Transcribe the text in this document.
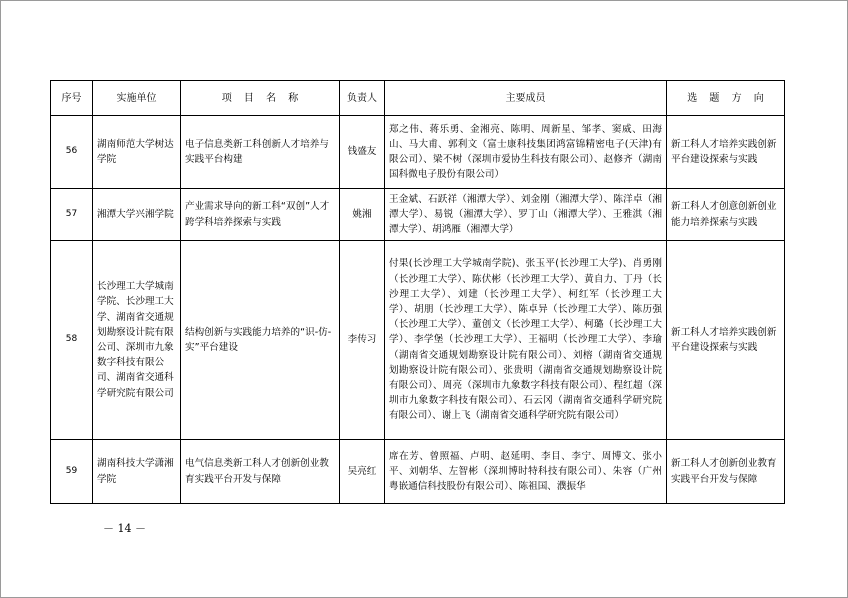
序号	实施单位	项 目 名 称	负责人	主要成员	选 题 方 向
56	湖南师范大学树达学院	电子信息类新工科创新人才培养与实践平台构建	钱盛友	郑之伟、蒋乐勇、金湘亮、陈明、周新星、邹孝、窦威、田海山、马大甫、郭利文（富士康科技集团鸿富锦精密电子(天津)有限公司）、梁不树（深圳市爱协生科技有限公司）、赵修齐（湖南国科微电子股份有限公司）	新工科人才培养实践创新平台建设探索与实践
57	湘潭大学兴湘学院	产业需求导向的新工科“双创”人才跨学科培养探索与实践	姚湘	王金斌、石跃祥（湘潭大学）、刘金刚（湘潭大学）、陈洋卓（湘潭大学）、易锐（湘潭大学）、罗丁山（湘潭大学）、王雅淇（湘潭大学）、胡鸿雁（湘潭大学）	新工科人才创意创新创业能力培养探索与实践
58	长沙理工大学城南学院、长沙理工大学、湖南省交通规划勘察设计院有限公司、深圳市九象数字科技有限公司、湖南省交通科学研究院有限公司	结构创新与实践能力培养的“识-仿-实”平台建设	李传习	付果(长沙理工大学城南学院)、张玉平(长沙理工大学)、肖勇刚（长沙理工大学）、陈伏彬（长沙理工大学）、黄自力、丁丹（长沙理工大学）、刘建（长沙理工大学）、柯红军（长沙理工大学）、胡朋（长沙理工大学）、陈卓异（长沙理工大学）、陈历强（长沙理工大学）、董创文（长沙理工大学）、柯璐（长沙理工大学）、李学堡（长沙理工大学）、王福明（长沙理工大学）、李瑜（湖南省交通规划勘察设计院有限公司）、刘榕（湖南省交通规划勘察设计院有限公司）、张贵明（湖南省交通规划勘察设计院有限公司）、周亮（深圳市九象数字科技有限公司）、程红超（深圳市九象数字科技有限公司）、石云冈（湖南省交通科学研究院有限公司）、谢上飞（湖南省交通科学研究院有限公司）	新工科人才培养实践创新平台建设探索与实践
59	湖南科技大学潇湘学院	电气信息类新工科人才创新创业教育实践平台开发与保障	吴亮红	席在芳、曾照福、卢明、赵延明、李目、李宁、周博文、张小平、刘朝华、左智彬（深圳博时特科技有限公司）、朱容（广州粤嵌通信科技股份有限公司）、陈祖国、濮振华	新工科人才创新创业教育实践平台开发与保障
－ 14 －
